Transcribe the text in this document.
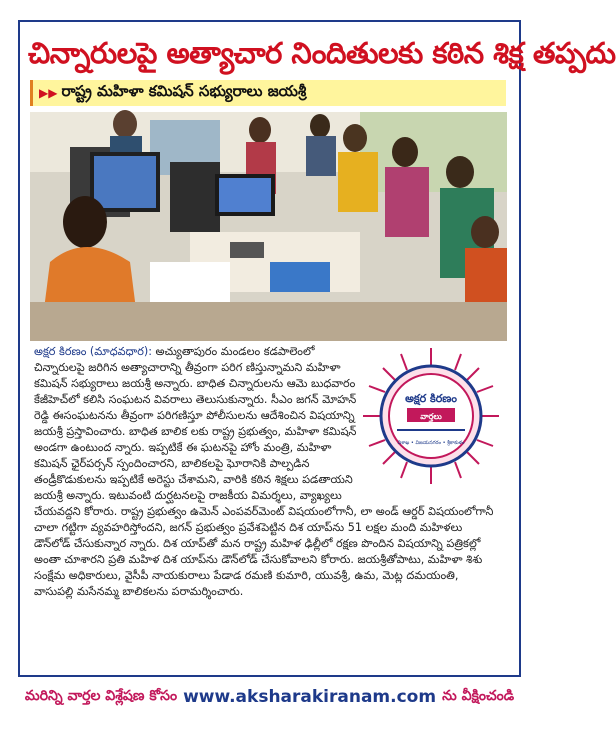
చిన్నారులపై అత్యాచార నిందితులకు కఠిన శిక్ష తప్పదు
▶▶ రాష్ట్ర మహిళా కమిషన్ సభ్యురాలు జయశ్రీ
అక్షర కిరణం (మాధవధార): అచ్యుతాపురం మండలం కడపాలెంలో చిన్నారులపై జరిగిన అత్యాచారాన్ని తీవ్రంగా పరిగ ణిస్తున్నామని మహిళా కమిషన్ సభ్యురాలు జయశ్రీ అన్నారు. బాధిత చిన్నారులను ఆమె బుధవారం కేజీహెచ్‌లో కలిసి సంఘటన వివరాలు తెలుసుకున్నారు. సీఎం జగన్ మోహన్ రెడ్డి ఈసంఘటనను తీవ్రంగా పరిగణిస్తూ పోలీసులను ఆదేశించిన విషయాన్ని జయశ్రీ ప్రస్తావించారు. బాధిత బాలిక లకు రాష్ట్ర ప్రభుత్వం, మహిళా కమిషన్ అండగా ఉంటుంద న్నారు. ఇప్పటికే ఈ ఘటనపై హోం మంత్రి, మహిళా కమిషన్ ఛైర్‌పర్సన్ స్పందించారని, బాలికలపై ఘోరానికి పాల్పడిన తండ్రీకొడుకులను ఇప్పటికే అరెస్టు చేశామని, వారికి కఠిన శిక్షలు పడతాయని జయశ్రీ అన్నారు. ఇటువంటి దుర్ఘటనలపై రాజకీయ విమర్శలు, వ్యాఖ్యలు చేయవద్దని కోరారు. రాష్ట్ర ప్రభుత్వం ఉమెన్ ఎంపవర్‌మెంట్ విషయంలోగానీ, లా అండ్ ఆర్డర్ విషయంలోగానీ చాలా గట్టిగా వ్యవహరిస్తోందని, జగన్ ప్రభుత్వం ప్రవేశపెట్టిన దిశ యాప్‌ను 51 లక్షల మంది మహిళలు డౌన్‌లోడ్ చేసుకున్నార న్నారు. దిశ యాప్‌తో మన రాష్ట్ర మహిళ ఢిల్లీలో రక్షణ పొందిన విషయాన్ని పత్రికల్లో అంతా చూశారని ప్రతి మహిళ దిశ యాప్‌ను డౌన్‌లోడ్ చేసుకోవాలని కోరారు. జయశ్రీతోపాటు, మహిళా శిశు సంక్షేమ అధికారులు, వైసీపీ నాయకురాలు పేడాడ రమణి కుమారి, యువశ్రీ, ఉమ, మెట్ల దమయంతి, వాసుపల్లి మసేనమ్మ బాలికలను పరామర్శించారు.
అక్షర కిరణం
వార్తలు
విశాఖ • విజయనగరం • శ్రీకాకుళం
మరిన్ని వార్తల విశ్లేషణ కోసం www.aksharakiranam.com ను వీక్షించండి
